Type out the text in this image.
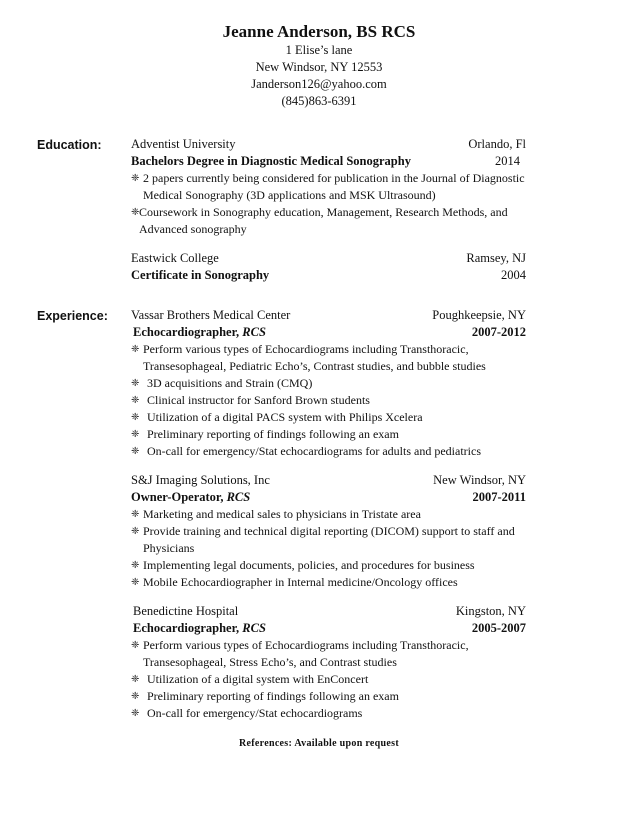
Jeanne Anderson, BS RCS
1 Elise’s lane
New Windsor, NY 12553
Janderson126@yahoo.com
(845)863-6391
Education: Adventist University	Orlando, Fl
Bachelors Degree in Diagnostic Medical Sonography	2014
❈ 2 papers currently being considered for publication in the Journal of Diagnostic Medical Sonography (3D applications and MSK Ultrasound)
❈ Coursework in Sonography education, Management, Research Methods, and Advanced sonography
Eastwick College	Ramsey, NJ
Certificate in Sonography	2004
Experience: Vassar Brothers Medical Center	Poughkeepsie, NY
Echocardiographer, RCS	2007-2012
❈ Perform various types of Echocardiograms including Transthoracic,
Transesophageal, Pediatric Echo’s, Contrast studies, and bubble studies
❈ 3D acquisitions and Strain (CMQ)
❈ Clinical instructor for Sanford Brown students
❈ Utilization of a digital PACS system with Philips Xcelera
❈ Preliminary reporting of findings following an exam
❈ On-call for emergency/Stat echocardiograms for adults and pediatrics
S&J Imaging Solutions, Inc	New Windsor, NY
Owner-Operator, RCS	2007-2011
❈ Marketing and medical sales to physicians in Tristate area
❈ Provide training and technical digital reporting (DICOM) support to staff and
Physicians
❈ Implementing legal documents, policies, and procedures for business
❈ Mobile Echocardiographer in Internal medicine/Oncology offices
Benedictine Hospital	Kingston, NY
Echocardiographer, RCS	2005-2007
❈ Perform various types of Echocardiograms including Transthoracic,
Transesophageal, Stress Echo’s, and Contrast studies
❈ Utilization of a digital system with EnConcert
❈ Preliminary reporting of findings following an exam
❈ On-call for emergency/Stat echocardiograms
References: Available upon request
